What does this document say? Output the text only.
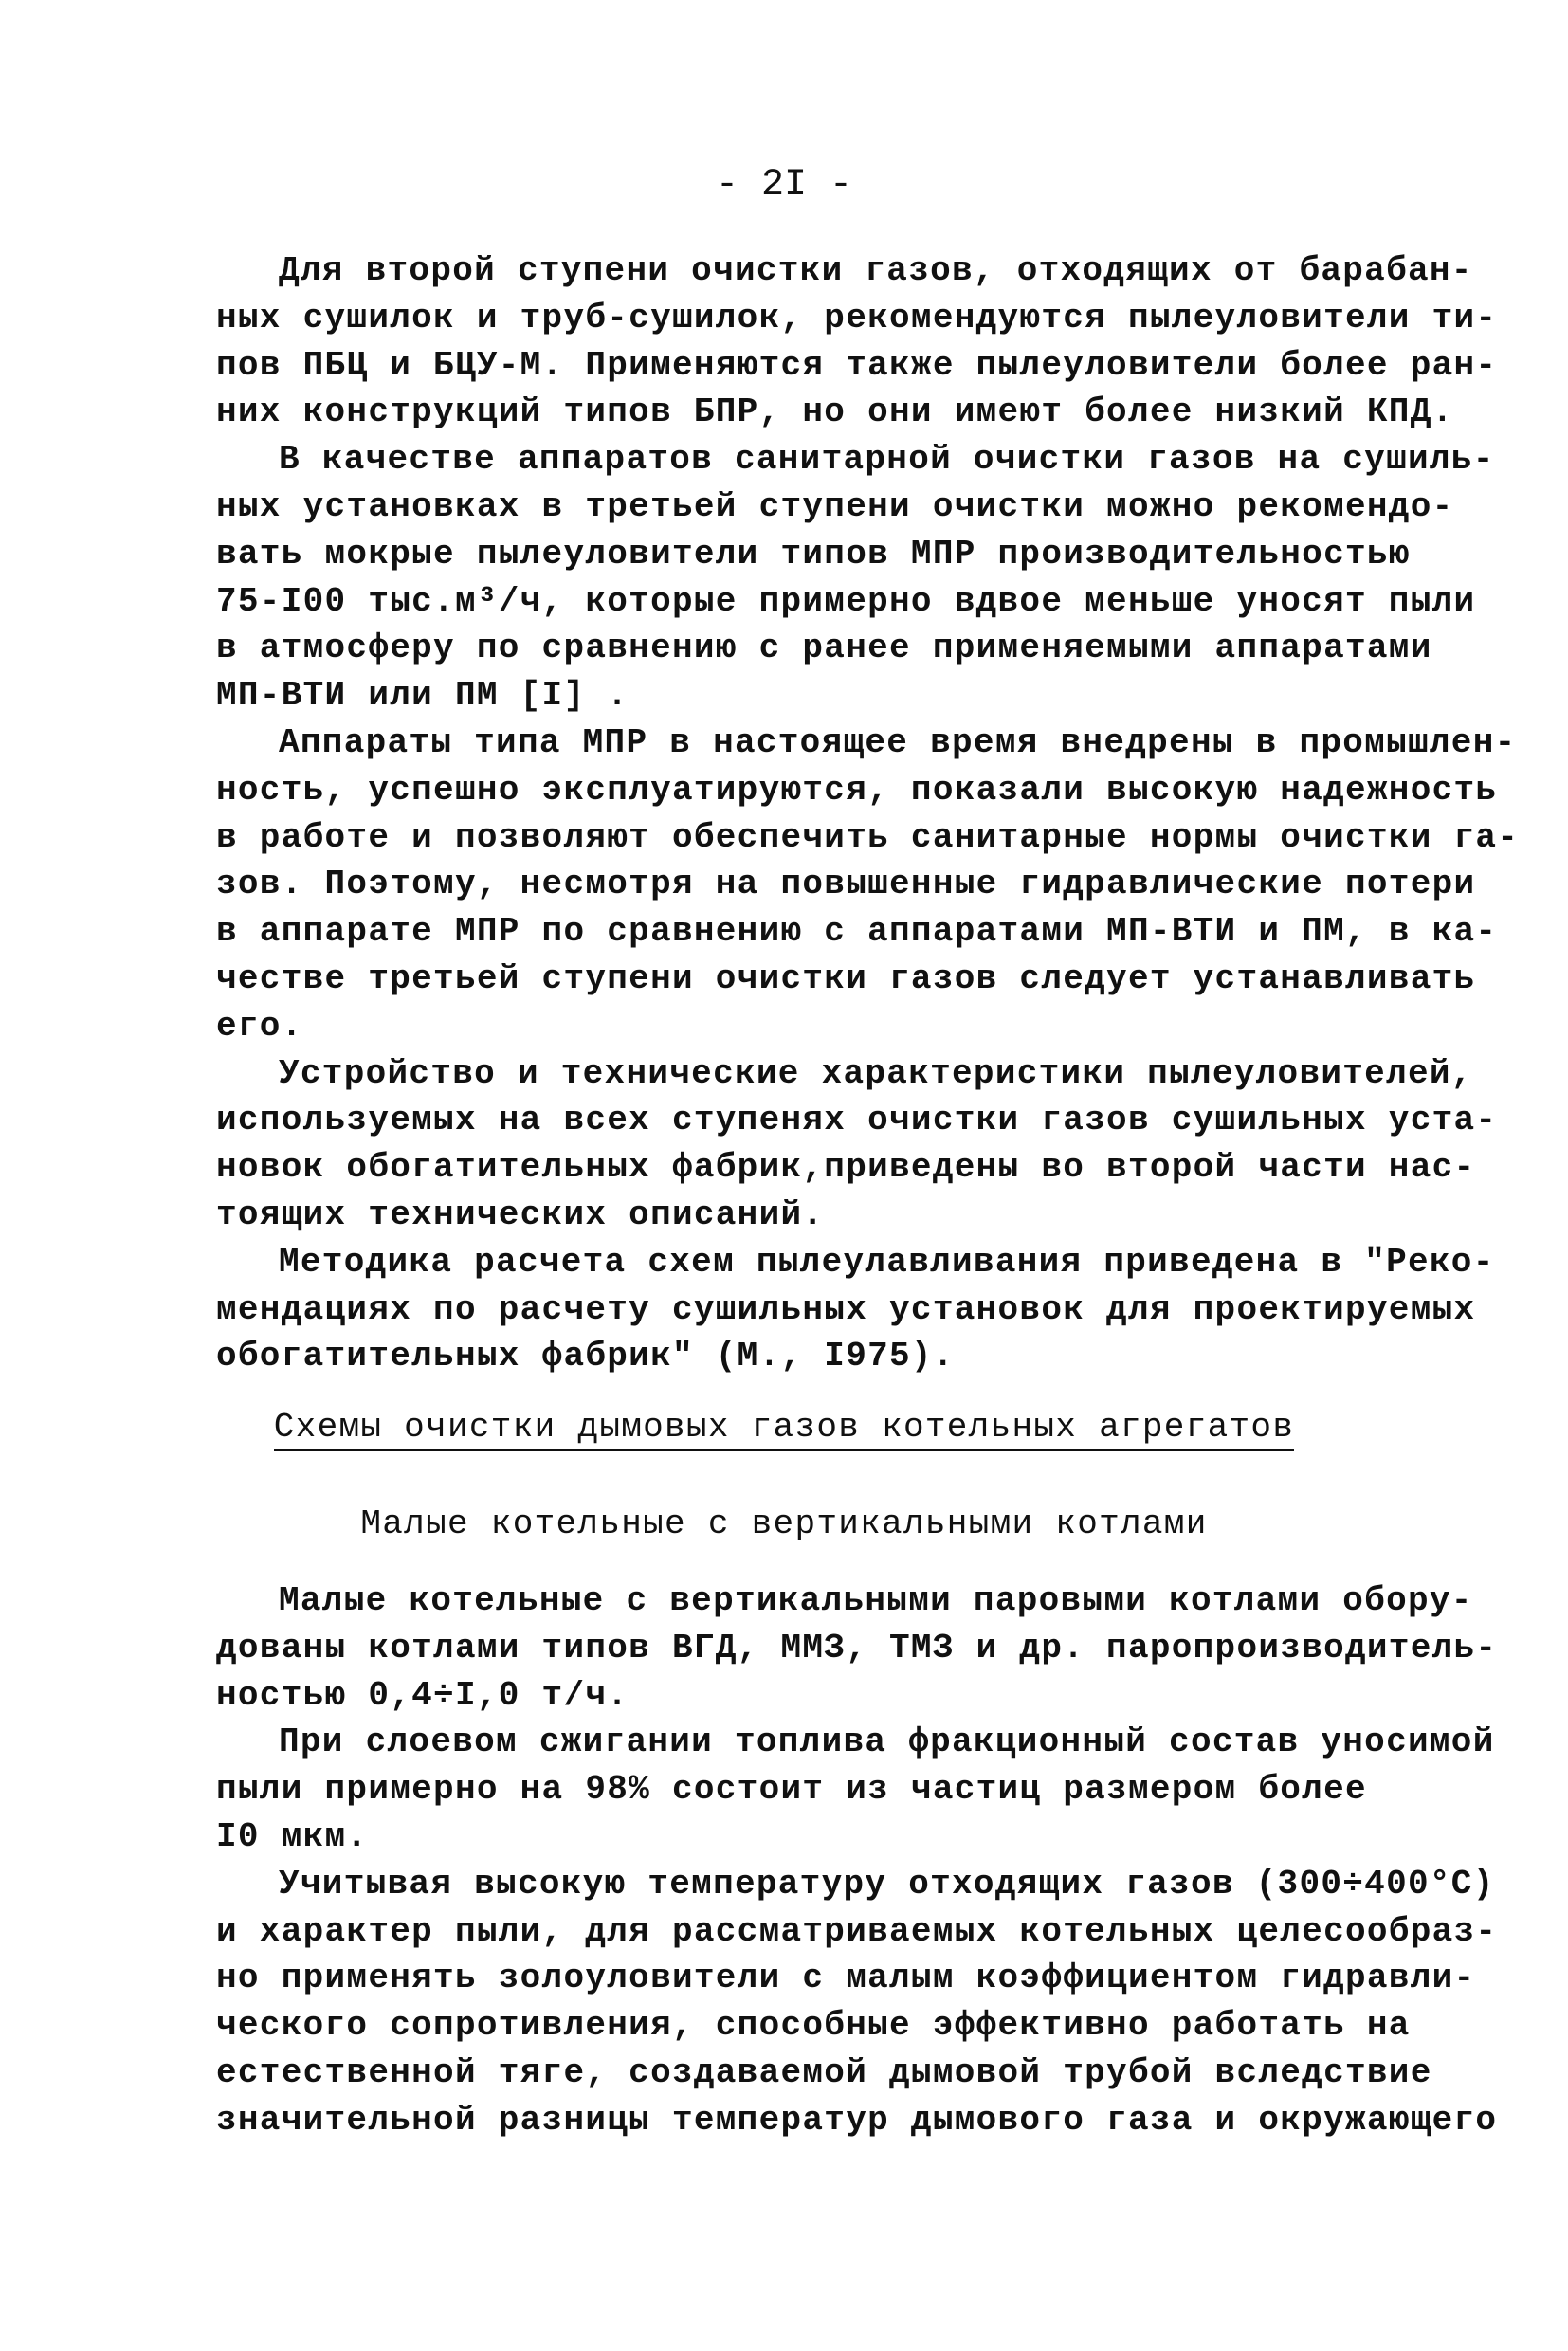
- 2I -
Для второй ступени очистки газов, отходящих от барабан-
ных сушилок и труб-сушилок, рекомендуются пылеуловители ти-
пов ПБЦ и БЦУ-М. Применяются также пылеуловители более ран-
них конструкций типов БПР, но они имеют более низкий КПД.
В качестве аппаратов санитарной очистки газов на сушиль-
ных установках в третьей ступени очистки можно рекомендо-
вать мокрые пылеуловители типов МПР производительностью
75-I00 тыс.м³/ч, которые примерно вдвое меньше уносят пыли
в атмосферу по сравнению с ранее применяемыми аппаратами
МП-ВТИ или ПМ [I] .
Аппараты типа МПР в настоящее время внедрены в промышлен-
ность, успешно эксплуатируются, показали высокую надежность
в работе и позволяют обеспечить санитарные нормы очистки га-
зов. Поэтому, несмотря на повышенные гидравлические потери
в аппарате МПР по сравнению с аппаратами МП-ВТИ и ПМ, в ка-
честве третьей ступени очистки газов следует устанавливать
его.
Устройство и технические характеристики пылеуловителей,
используемых на всех ступенях очистки газов сушильных уста-
новок обогатительных фабрик,приведены во второй части нас-
тоящих технических описаний.
Методика расчета схем пылеулавливания приведена в "Реко-
мендациях по расчету сушильных установок для проектируемых
обогатительных фабрик" (М., I975).
Схемы очистки дымовых газов котельных агрегатов
Малые котельные с вертикальными котлами
Малые котельные с вертикальными паровыми котлами обору-
дованы котлами типов ВГД, ММЗ, ТМЗ и др. паропроизводитель-
ностью 0,4÷I,0 т/ч.
При слоевом сжигании топлива фракционный состав уносимой
пыли примерно на 98% состоит из частиц размером более
I0 мкм.
Учитывая высокую температуру отходящих газов (300÷400°С)
и характер пыли, для рассматриваемых котельных целесообраз-
но применять золоуловители с малым коэффициентом гидравли-
ческого сопротивления, способные эффективно работать на
естественной тяге, создаваемой дымовой трубой вследствие
значительной разницы температур дымового газа и окружающего
